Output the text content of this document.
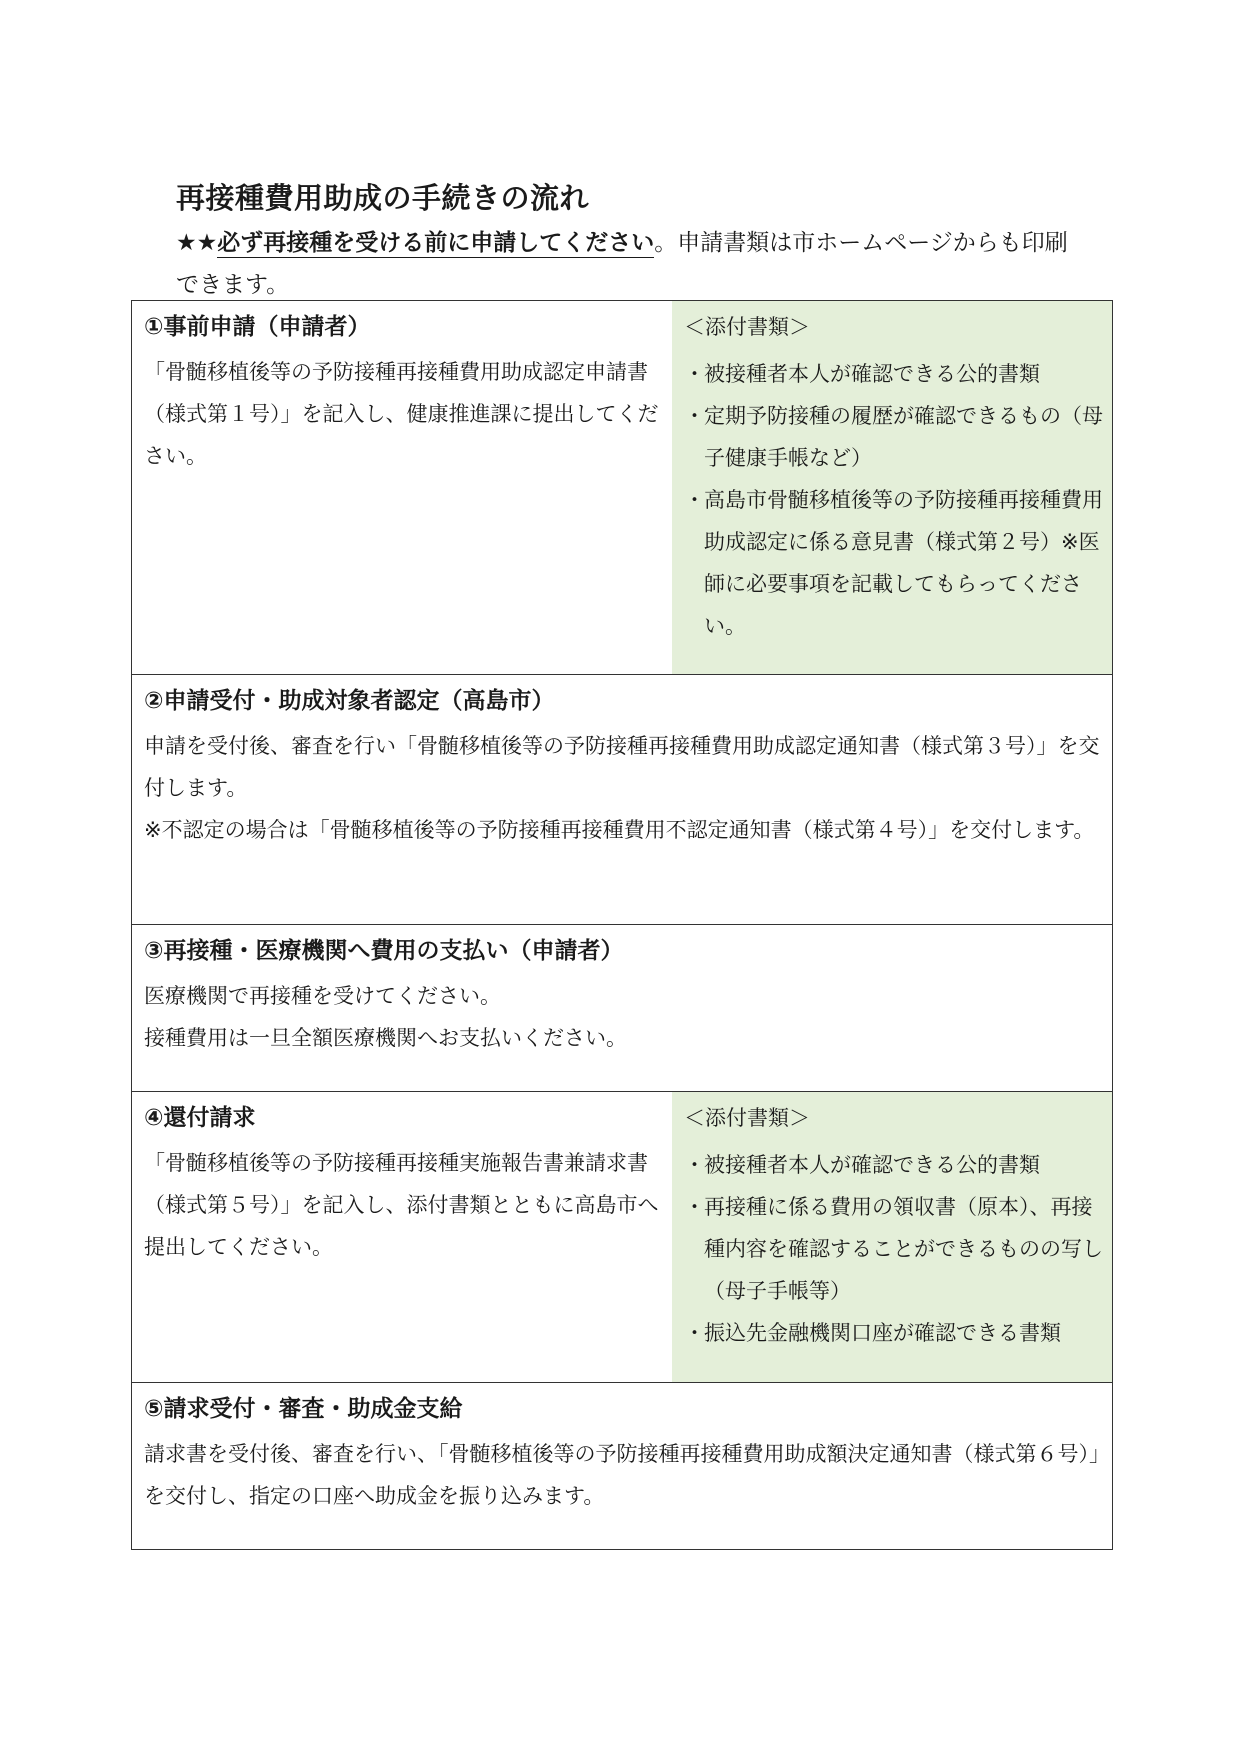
再接種費用助成の手続きの流れ
★★必ず再接種を受ける前に申請してください。申請書類は市ホームページからも印刷できます。
①事前申請（申請者）
「骨髄移植後等の予防接種再接種費用助成認定申請書（様式第１号）」を記入し、健康推進課に提出してください。
＜添付書類＞
・ 被接種者本人が確認できる公的書類
・ 定期予防接種の履歴が確認できるもの（母子健康手帳など）
・ 高島市骨髄移植後等の予防接種再接種費用助成認定に係る意見書（様式第２号）※医師に必要事項を記載してもらってください。
②申請受付・助成対象者認定（高島市）
申請を受付後、審査を行い「骨髄移植後等の予防接種再接種費用助成認定通知書（様式第３号）」を交付します。
※不認定の場合は「骨髄移植後等の予防接種再接種費用不認定通知書（様式第４号）」を交付します。
③再接種・医療機関へ費用の支払い（申請者）
医療機関で再接種を受けてください。
接種費用は一旦全額医療機関へお支払いください。
④還付請求
「骨髄移植後等の予防接種再接種実施報告書兼請求書（様式第５号）」を記入し、添付書類とともに高島市へ提出してください。
＜添付書類＞
・ 被接種者本人が確認できる公的書類
・ 再接種に係る費用の領収書（原本）、再接種内容を確認することができるものの写し（母子手帳等）
・ 振込先金融機関口座が確認できる書類
⑤請求受付・審査・助成金支給
請求書を受付後、審査を行い、「骨髄移植後等の予防接種再接種費用助成額決定通知書（様式第６号）」を交付し、指定の口座へ助成金を振り込みます。
